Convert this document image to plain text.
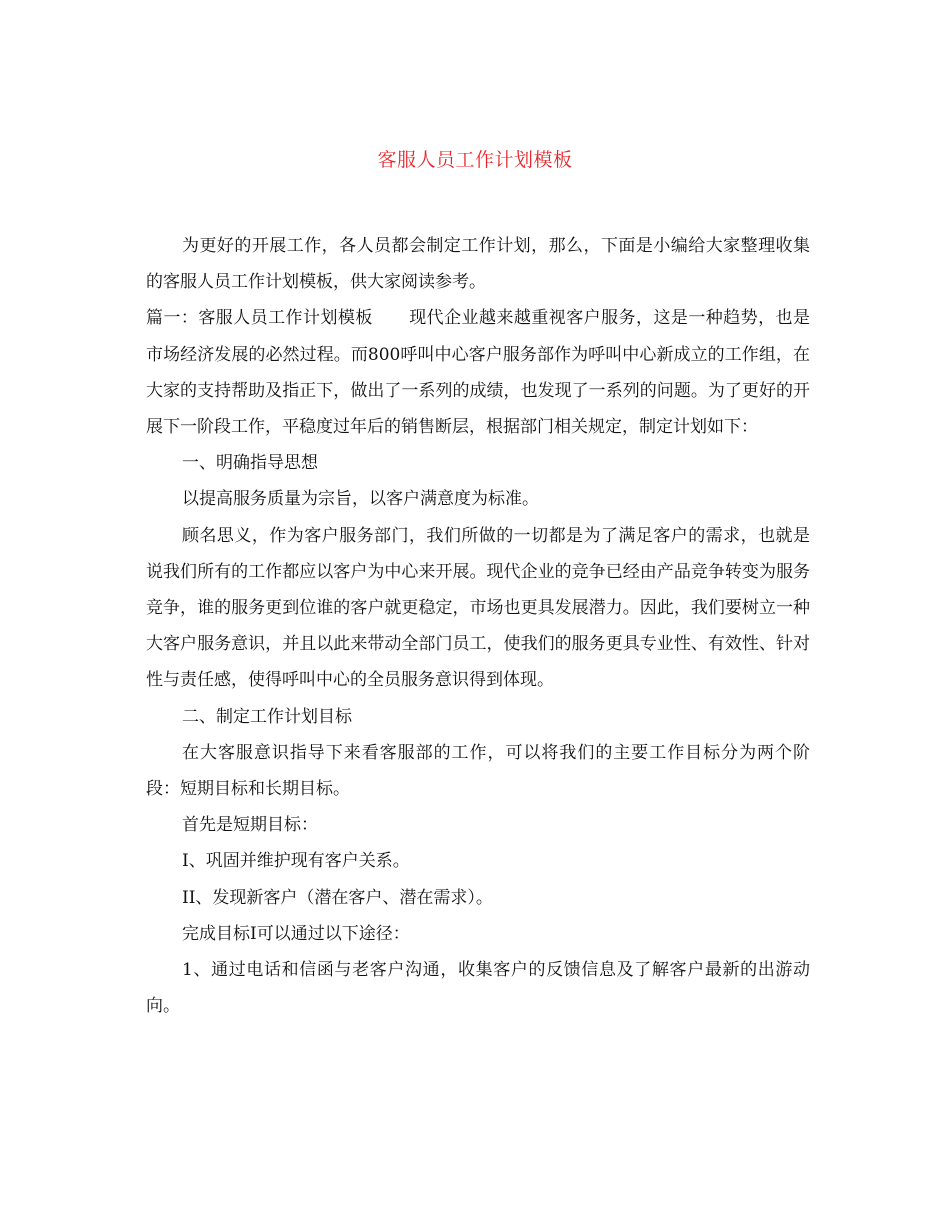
客服人员工作计划模板

为更好的开展工作，各人员都会制定工作计划，那么，下面是小编给大家整理收集的客服人员工作计划模板，供大家阅读参考。

篇一：客服人员工作计划模板 现代企业越来越重视客户服务，这是一种趋势，也是市场经济发展的必然过程。而800呼叫中心客户服务部作为呼叫中心新成立的工作组，在大家的支持帮助及指正下，做出了一系列的成绩，也发现了一系列的问题。为了更好的开展下一阶段工作，平稳度过年后的销售断层，根据部门相关规定，制定计划如下：

一、明确指导思想

以提高服务质量为宗旨，以客户满意度为标准。

顾名思义，作为客户服务部门，我们所做的一切都是为了满足客户的需求，也就是说我们所有的工作都应以客户为中心来开展。现代企业的竞争已经由产品竞争转变为服务竞争，谁的服务更到位谁的客户就更稳定，市场也更具发展潜力。因此，我们要树立一种大客户服务意识，并且以此来带动全部门员工，使我们的服务更具专业性、有效性、针对性与责任感，使得呼叫中心的全员服务意识得到体现。

二、制定工作计划目标

在大客服意识指导下来看客服部的工作，可以将我们的主要工作目标分为两个阶段：短期目标和长期目标。

首先是短期目标：

I、巩固并维护现有客户关系。

II、发现新客户（潜在客户、潜在需求）。

完成目标I可以通过以下途径：

1、通过电话和信函与老客户沟通，收集客户的反馈信息及了解客户最新的出游动向。
